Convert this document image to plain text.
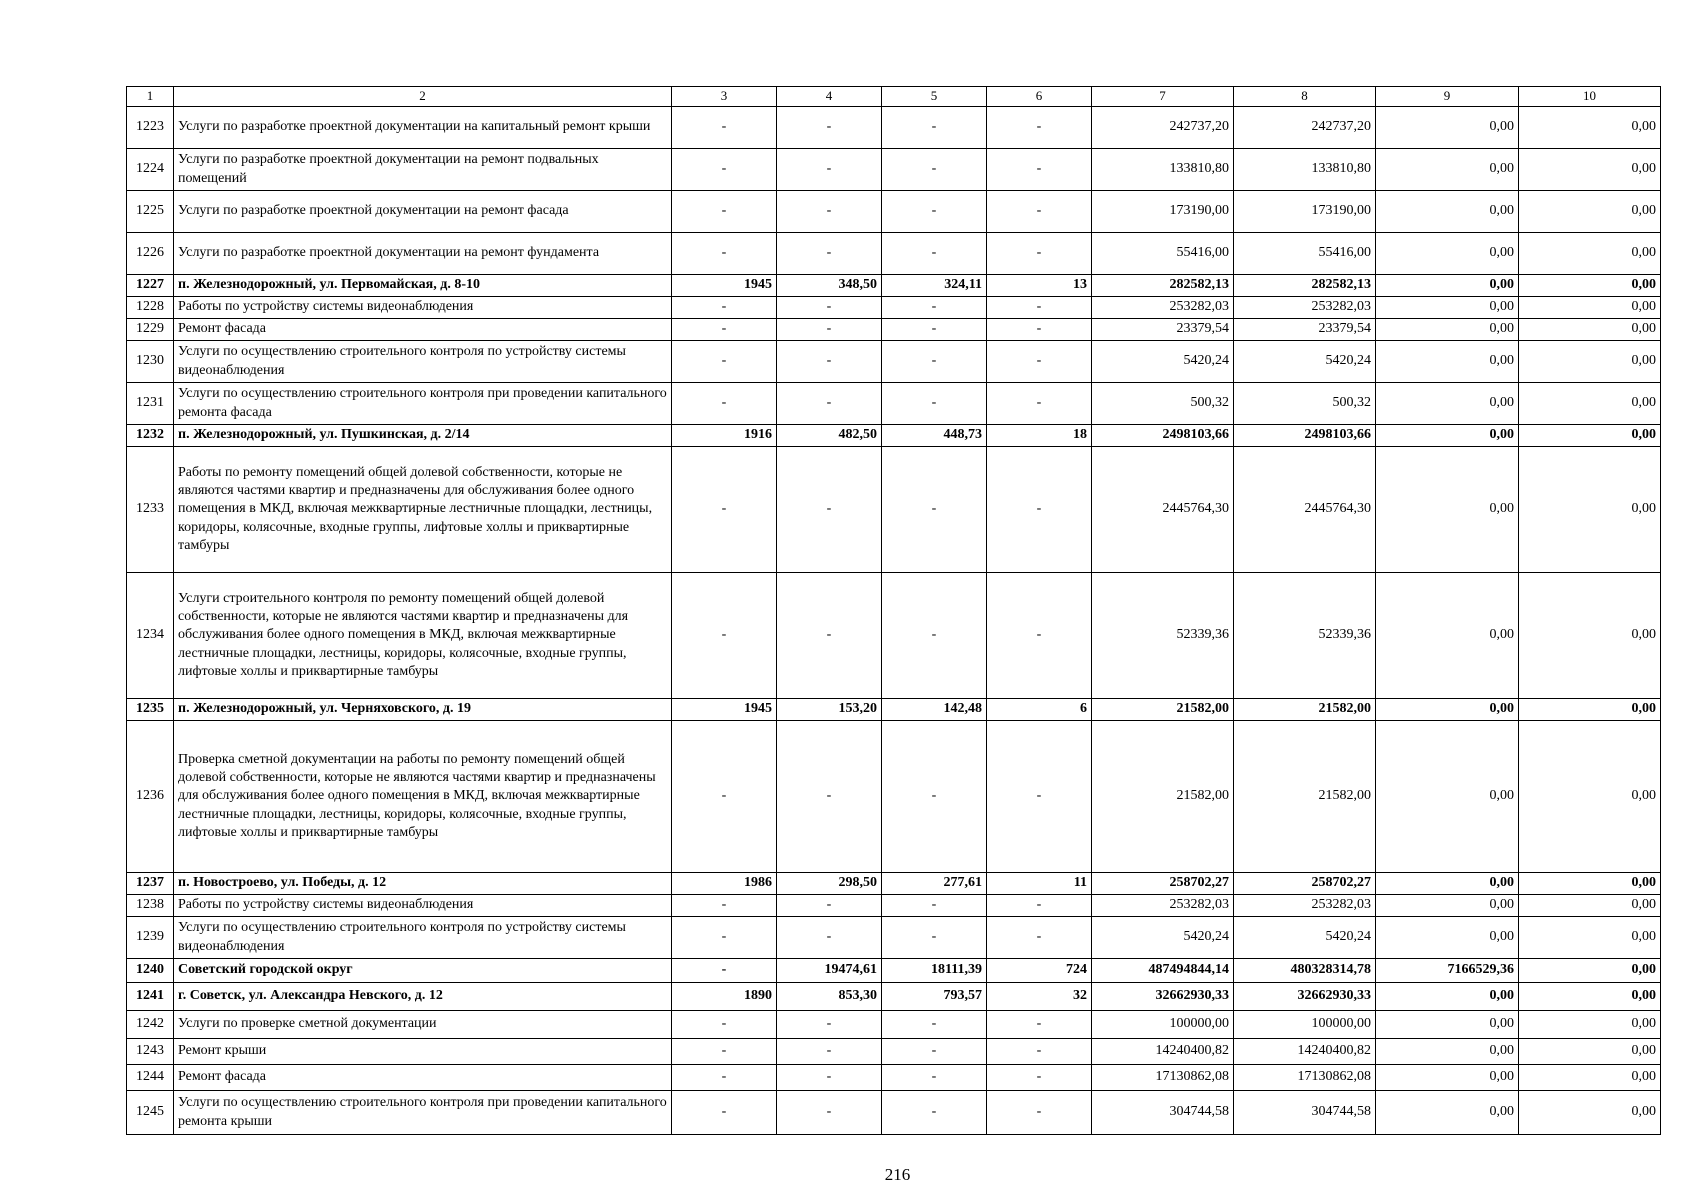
1	2	3	4	5	6	7	8	9	10
1223	Услуги по разработке проектной документации на капитальный ремонт крыши	-	-	-	-	242737,20	242737,20	0,00	0,00
1224	Услуги по разработке проектной документации на ремонт подвальных помещений	-	-	-	-	133810,80	133810,80	0,00	0,00
1225	Услуги по разработке проектной документации на ремонт фасада	-	-	-	-	173190,00	173190,00	0,00	0,00
1226	Услуги по разработке проектной документации на ремонт фундамента	-	-	-	-	55416,00	55416,00	0,00	0,00
1227	п. Железнодорожный, ул. Первомайская, д. 8-10	1945	348,50	324,11	13	282582,13	282582,13	0,00	0,00
1228	Работы по устройству системы видеонаблюдения	-	-	-	-	253282,03	253282,03	0,00	0,00
1229	Ремонт фасада	-	-	-	-	23379,54	23379,54	0,00	0,00
1230	Услуги по осуществлению строительного контроля по устройству системы видеонаблюдения	-	-	-	-	5420,24	5420,24	0,00	0,00
1231	Услуги по осуществлению строительного контроля при проведении капитального ремонта фасада	-	-	-	-	500,32	500,32	0,00	0,00
1232	п. Железнодорожный, ул. Пушкинская, д. 2/14	1916	482,50	448,73	18	2498103,66	2498103,66	0,00	0,00
1233	Работы по ремонту помещений общей долевой собственности, которые не являются частями квартир и предназначены для обслуживания более одного помещения в МКД, включая межквартирные лестничные площадки, лестницы, коридоры, колясочные, входные группы, лифтовые холлы и приквартирные тамбуры	-	-	-	-	2445764,30	2445764,30	0,00	0,00
1234	Услуги строительного контроля по ремонту помещений общей долевой собственности, которые не являются частями квартир и предназначены для обслуживания более одного помещения в МКД, включая межквартирные лестничные площадки, лестницы, коридоры, колясочные, входные группы, лифтовые холлы и приквартирные тамбуры	-	-	-	-	52339,36	52339,36	0,00	0,00
1235	п. Железнодорожный, ул. Черняховского, д. 19	1945	153,20	142,48	6	21582,00	21582,00	0,00	0,00
1236	Проверка сметной документации на работы по ремонту помещений общей долевой собственности, которые не являются частями квартир и предназначены для обслуживания более одного помещения в МКД, включая межквартирные лестничные площадки, лестницы, коридоры, колясочные, входные группы, лифтовые холлы и приквартирные тамбуры	-	-	-	-	21582,00	21582,00	0,00	0,00
1237	п. Новостроево, ул. Победы, д. 12	1986	298,50	277,61	11	258702,27	258702,27	0,00	0,00
1238	Работы по устройству системы видеонаблюдения	-	-	-	-	253282,03	253282,03	0,00	0,00
1239	Услуги по осуществлению строительного контроля по устройству системы видеонаблюдения	-	-	-	-	5420,24	5420,24	0,00	0,00
1240	Советский городской округ	-	19474,61	18111,39	724	487494844,14	480328314,78	7166529,36	0,00
1241	г. Советск, ул. Александра Невского, д. 12	1890	853,30	793,57	32	32662930,33	32662930,33	0,00	0,00
1242	Услуги по проверке сметной документации	-	-	-	-	100000,00	100000,00	0,00	0,00
1243	Ремонт крыши	-	-	-	-	14240400,82	14240400,82	0,00	0,00
1244	Ремонт фасада	-	-	-	-	17130862,08	17130862,08	0,00	0,00
1245	Услуги по осуществлению строительного контроля при проведении капитального ремонта крыши	-	-	-	-	304744,58	304744,58	0,00	0,00
216
